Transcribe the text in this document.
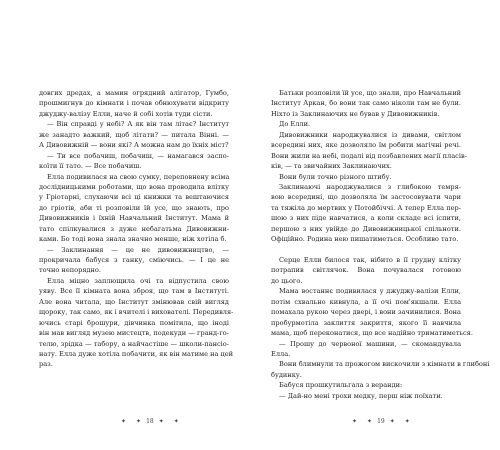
довгих дредах, а мамин огрядний алігатор, Гумбо,
прошмигнув до кімнати і почав обнюхувати відкриту
джуджу-валізу Елли, наче й собі хотів туди сісти.
— Він справді у небі? А як він там літає? Інститут
же занадто важкий, щоб літати? — питала Вінні. —
А Дивовижній — вони які? А можна нам до їхніх міст?
— Ти все побачиш, побачиш, — намагався заспо-
коїти її тато. — Все побачиш.
Елла подивилася на свою сумку, переповнену всіма
дослідницькими роботами, що вона проводила влітку
у Гріотарні, слухаючи всі ці книжки та вештаючися
до гріотів, аби ті розповіли їй усе, що знають, про
Дивовижників і їхній Навчальний Інститут. Мама й
тато спілкувалися з дуже небагатьма Дивовижни-
ками. Бо тоді вона знала значно менше, ніж хотіла б.
— Заклинання — це не дивовижництво, —
прокричала бабуся з ганку, сміючись. — І це не
точно непорядно.
Елла міцно заплющила очі та відпустила свою
уяву. Все її кімната вона зброя, що там в Інституті.
Але вона читала, що Інститут змінював свій вигляд
щороку, так само, як і вчителі і вихователі. Передивля-
ючись старі брошури, дівчинка помітила, що іноді
він мав вигляд музею мистецтв, подекуди — гранд-го-
телю, зрідка — табору, а найчастіше — школи-пансіо-
нату. Елла дуже хотіла побачити, як він матиме на цей
раз.
Батьки розповіли їй усе, що знали, про Навчальний
Інститут Аркан, бо вони так само ніколи там не були.
Ніхто із Заклинаючих не бував у Дивовижників.
До Елли.
Дивовижники народжувалися із дивами, світлом
всередині них, яке дозволяло їм робити магічні речі.
Вони жили на небі, подалі від позбавлених магії пласів-
ків, — та звичайних Заклинаючих.
Вони були точно різного штибу.
Заклинаючі народжувалися з глибокою темря-
вою всередині, що дозволяла їм застосовувати чари
та тяжіла до мертвих у Потойбіччі. А тепер Елла пер-
шою з них піде навчатися, а коли складе всі іспити,
першою з них увійде до Дивовижницької спільноти.
Офіційно. Родина нею пишатиметься. Особливо тато.
Серце Елли билося так, нібито в її грудну клітку
потрапив світлячок. Вона почувалася готовою
до цього.
Мама востаннє подивилася у джуджу-валізи Елли,
потім схвально кивнула, а її очі пом'якшали. Елла
помахала рукою через двері, і вони зачинилися. Вона
пробурмотіла заклиття закриття, якого її навчила
мама, щоб переконатися, що все надійно триматиметься.
— Прошу до червоної машини, — скомандувала
Елла.
Вони блимнули та прожогом вискочили з кімнати в глибоні
будинку.
Бабуся прошкутильгала з веранди:
— Дай-но мені трохи медку, перш ніж поїхати.
✦ ✦ 18 ✦ ✦	✦ ✦ 19 ✦ ✦
